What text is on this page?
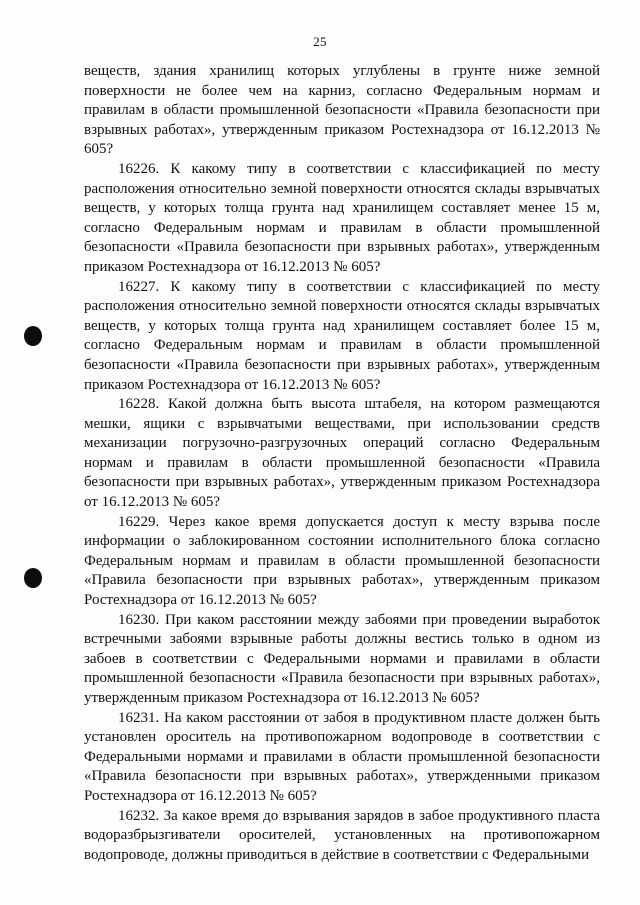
25

веществ, здания хранилищ которых углублены в грунте ниже земной поверхности не более чем на карниз, согласно Федеральным нормам и правилам в области промышленной безопасности «Правила безопасности при взрывных работах», утвержденным приказом Ростехнадзора от 16.12.2013 № 605?

16226. К какому типу в соответствии с классификацией по месту расположения относительно земной поверхности относятся склады взрывчатых веществ, у которых толща грунта над хранилищем составляет менее 15 м, согласно Федеральным нормам и правилам в области промышленной безопасности «Правила безопасности при взрывных работах», утвержденным приказом Ростехнадзора от 16.12.2013 № 605?

16227. К какому типу в соответствии с классификацией по месту расположения относительно земной поверхности относятся склады взрывчатых веществ, у которых толща грунта над хранилищем составляет более 15 м, согласно Федеральным нормам и правилам в области промышленной безопасности «Правила безопасности при взрывных работах», утвержденным приказом Ростехнадзора от 16.12.2013 № 605?

16228. Какой должна быть высота штабеля, на котором размещаются мешки, ящики с взрывчатыми веществами, при использовании средств механизации погрузочно-разгрузочных операций согласно Федеральным нормам и правилам в области промышленной безопасности «Правила безопасности при взрывных работах», утвержденным приказом Ростехнадзора от 16.12.2013 № 605?

16229. Через какое время допускается доступ к месту взрыва после информации о заблокированном состоянии исполнительного блока согласно Федеральным нормам и правилам в области промышленной безопасности «Правила безопасности при взрывных работах», утвержденным приказом Ростехнадзора от 16.12.2013 № 605?

16230. При каком расстоянии между забоями при проведении выработок встречными забоями взрывные работы должны вестись только в одном из забоев в соответствии с Федеральными нормами и правилами в области промышленной безопасности «Правила безопасности при взрывных работах», утвержденным приказом Ростехнадзора от 16.12.2013 № 605?

16231. На каком расстоянии от забоя в продуктивном пласте должен быть установлен ороситель на противопожарном водопроводе в соответствии с Федеральными нормами и правилами в области промышленной безопасности «Правила безопасности при взрывных работах», утвержденными приказом Ростехнадзора от 16.12.2013 № 605?

16232. За какое время до взрывания зарядов в забое продуктивного пласта водоразбрызгиватели оросителей, установленных на противопожарном водопроводе, должны приводиться в действие в соответствии с Федеральными
